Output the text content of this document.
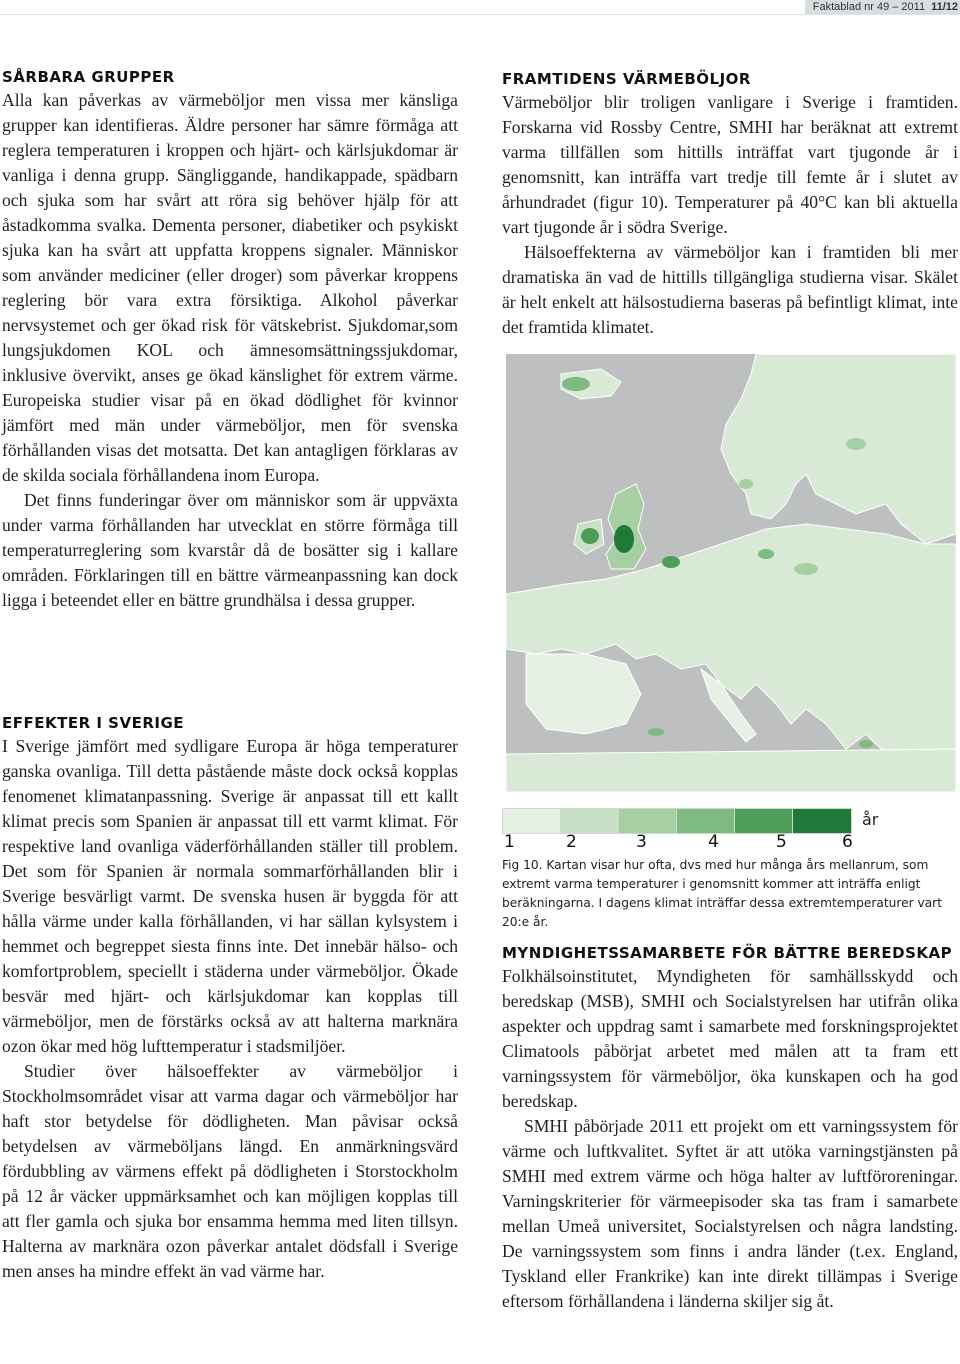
Faktablad nr 49 – 2011 11/12
SÅRBARA GRUPPER

Alla kan påverkas av värmeböljor men vissa mer känsliga grupper kan identifieras. Äldre personer har sämre förmåga att reglera temperaturen i kroppen och hjärt- och kärlsjukdomar är vanliga i denna grupp. Sängliggande, handikappade, spädbarn och sjuka som har svårt att röra sig behöver hjälp för att åstadkomma svalka. Dementa personer, diabetiker och psykiskt sjuka kan ha svårt att uppfatta kroppens signaler. Människor som använder mediciner (eller droger) som påverkar kroppens reglering bör vara extra försiktiga. Alkohol påverkar nervsystemet och ger ökad risk för vätskebrist. Sjukdomar,som lungsjukdomen KOL och ämnesomsättningssjukdomar, inklusive övervikt, anses ge ökad känslighet för extrem värme. Europeiska studier visar på en ökad dödlighet för kvinnor jämfört med män under värmeböljor, men för svenska förhållanden visas det motsatta. Det kan antagligen förklaras av de skilda sociala förhållandena inom Europa.

Det finns funderingar över om människor som är uppväxta under varma förhållanden har utvecklat en större förmåga till temperaturreglering som kvarstår då de bosätter sig i kallare områden. Förklaringen till en bättre värmeanpassning kan dock ligga i beteendet eller en bättre grundhälsa i dessa grupper.

EFFEKTER I SVERIGE

I Sverige jämfört med sydligare Europa är höga temperaturer ganska ovanliga. Till detta påstående måste dock också kopplas fenomenet klimatanpassning. Sverige är anpassat till ett kallt klimat precis som Spanien är anpassat till ett varmt klimat. För respektive land ovanliga väderförhållanden ställer till problem. Det som för Spanien är normala sommarförhållanden blir i Sverige besvärligt varmt. De svenska husen är byggda för att hålla värme under kalla förhållanden, vi har sällan kylsystem i hemmet och begreppet siesta finns inte. Det innebär hälso- och komfortproblem, speciellt i städerna under värmeböljor. Ökade besvär med hjärt- och kärlsjukdomar kan kopplas till värmeböljor, men de förstärks också av att halterna marknära ozon ökar med hög lufttemperatur i stadsmiljöer.

Studier över hälsoeffekter av värmeböljor i Stockholmsområdet visar att varma dagar och värmeböljor har haft stor betydelse för dödligheten. Man påvisar också betydelsen av värmeböljans längd. En anmärkningsvärd fördubbling av värmens effekt på dödligheten i Storstockholm på 12 år väcker uppmärksamhet och kan möjligen kopplas till att fler gamla och sjuka bor ensamma hemma med liten tillsyn. Halterna av marknära ozon påverkar antalet dödsfall i Sverige men anses ha mindre effekt än vad värme har.

FRAMTIDENS VÄRMEBÖLJOR

Värmeböljor blir troligen vanligare i Sverige i framtiden. Forskarna vid Rossby Centre, SMHI har beräknat att extremt varma tillfällen som hittills inträffat vart tjugonde år i genomsnitt, kan inträffa vart tredje till femte år i slutet av århundradet (figur 10). Temperaturer på 40°C kan bli aktuella vart tjugonde år i södra Sverige.

Hälsoeffekterna av värmeböljor kan i framtiden bli mer dramatiska än vad de hittills tillgängliga studierna visar. Skälet är helt enkelt att hälsostudierna baseras på befintligt klimat, inte det framtida klimatet.

år
1	2	3	4	5	6
Fig 10. Kartan visar hur ofta, dvs med hur många års mellanrum, som extremt varma temperaturer i genomsnitt kommer att inträffa enligt beräkningarna. I dagens klimat inträffar dessa extremtemperaturer vart 20:e år.
MYNDIGHETSSAMARBETE FÖR BÄTTRE BEREDSKAP

Folkhälsoinstitutet, Myndigheten för samhällsskydd och beredskap (MSB), SMHI och Socialstyrelsen har utifrån olika aspekter och uppdrag samt i samarbete med forskningsprojektet Climatools påbörjat arbetet med målen att ta fram ett varningssystem för värmeböljor, öka kunskapen och ha god beredskap.

SMHI påbörjade 2011 ett projekt om ett varningssystem för värme och luftkvalitet. Syftet är att utöka varningstjänsten på SMHI med extrem värme och höga halter av luftföroreningar. Varningskriterier för värmeepisoder ska tas fram i samarbete mellan Umeå universitet, Socialstyrelsen och några landsting. De varningssystem som finns i andra länder (t.ex. England, Tyskland eller Frankrike) kan inte direkt tillämpas i Sverige eftersom förhållandena i länderna skiljer sig åt.
